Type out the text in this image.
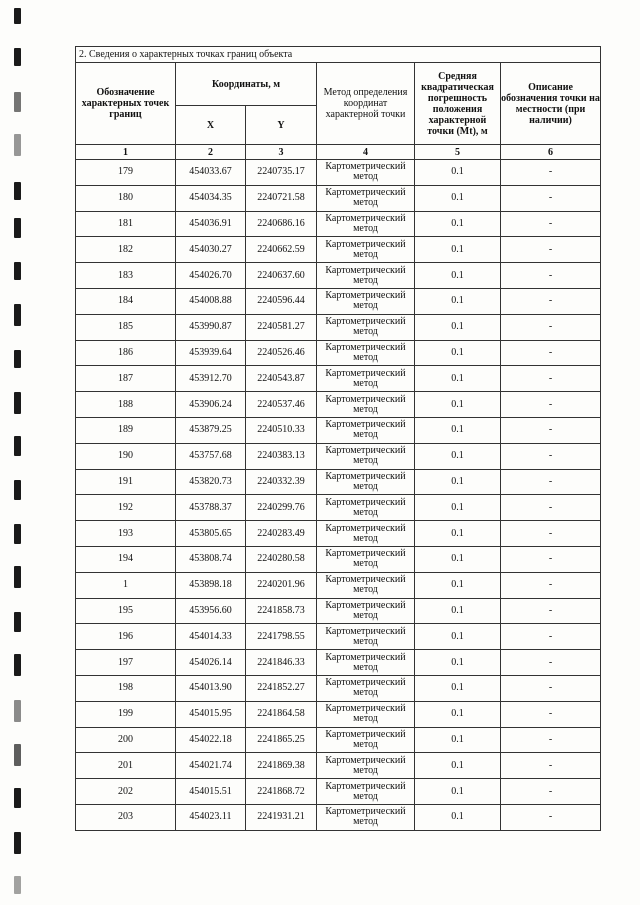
2. Сведения о характерных точках границ объекта					
Обозначение характерных точек границ	Координаты, м		Метод определения координат характерной точки	Средняя квадратическая погрешность положения характерной точки (Mt), м	Описание обозначения точки на местности (при наличии)
	X	Y			
1	2	3	4	5	6
179	454033.67	2240735.17	Картометрический метод	0.1	-
180	454034.35	2240721.58	Картометрический метод	0.1	-
181	454036.91	2240686.16	Картометрический метод	0.1	-
182	454030.27	2240662.59	Картометрический метод	0.1	-
183	454026.70	2240637.60	Картометрический метод	0.1	-
184	454008.88	2240596.44	Картометрический метод	0.1	-
185	453990.87	2240581.27	Картометрический метод	0.1	-
186	453939.64	2240526.46	Картометрический метод	0.1	-
187	453912.70	2240543.87	Картометрический метод	0.1	-
188	453906.24	2240537.46	Картометрический метод	0.1	-
189	453879.25	2240510.33	Картометрический метод	0.1	-
190	453757.68	2240383.13	Картометрический метод	0.1	-
191	453820.73	2240332.39	Картометрический метод	0.1	-
192	453788.37	2240299.76	Картометрический метод	0.1	-
193	453805.65	2240283.49	Картометрический метод	0.1	-
194	453808.74	2240280.58	Картометрический метод	0.1	-
1	453898.18	2240201.96	Картометрический метод	0.1	-
195	453956.60	2241858.73	Картометрический метод	0.1	-
196	454014.33	2241798.55	Картометрический метод	0.1	-
197	454026.14	2241846.33	Картометрический метод	0.1	-
198	454013.90	2241852.27	Картометрический метод	0.1	-
199	454015.95	2241864.58	Картометрический метод	0.1	-
200	454022.18	2241865.25	Картометрический метод	0.1	-
201	454021.74	2241869.38	Картометрический метод	0.1	-
202	454015.51	2241868.72	Картометрический метод	0.1	-
203	454023.11	2241931.21	Картометрический метод	0.1	-
